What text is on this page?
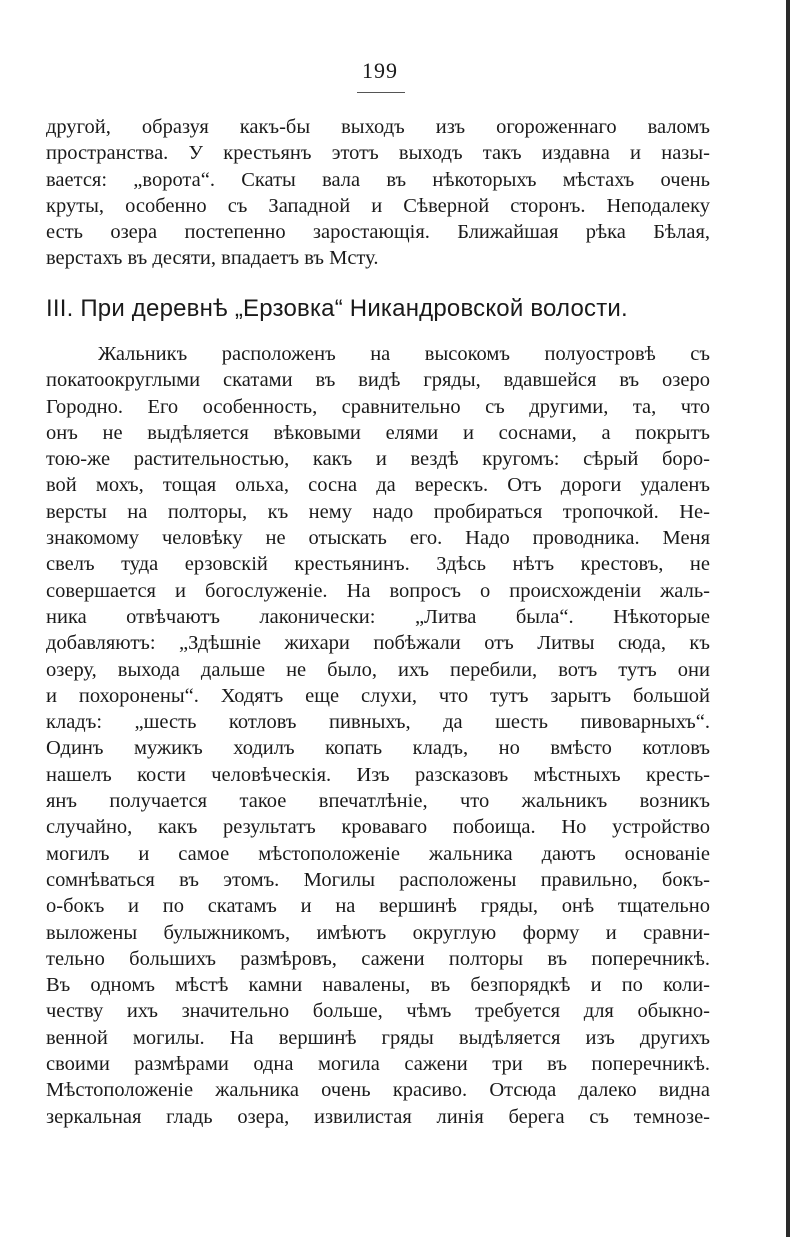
199
другой, образуя какъ-бы выходъ изъ огороженнаго валомъ
пространства. У крестьянъ этотъ выходъ такъ издавна и назы-
вается: „ворота“. Скаты вала въ нѣкоторыхъ мѣстахъ очень
круты, особенно съ Западной и Сѣверной сторонъ. Неподалеку
есть озера постепенно заростающія. Ближайшая рѣка Бѣлая,
верстахъ въ десяти, впадаетъ въ Мсту.
III. При деревнѣ „Ерзовка“ Никандровской волости.
Жальникъ расположенъ на высокомъ полуостровѣ съ
покатоокруглыми скатами въ видѣ гряды, вдавшейся въ озеро
Городно. Его особенность, сравнительно съ другими, та, что
онъ не выдѣляется вѣковыми елями и соснами, а покрытъ
тою-же растительностью, какъ и вездѣ кругомъ: сѣрый боро-
вой мохъ, тощая ольха, сосна да верескъ. Отъ дороги удаленъ
версты на полторы, къ нему надо пробираться тропочкой. Не-
знакомому человѣку не отыскать его. Надо проводника. Меня
свелъ туда ерзовскій крестьянинъ. Здѣсь нѣтъ крестовъ, не
совершается и богослуженіе. На вопросъ о происхожденіи жаль-
ника отвѣчаютъ лаконически: „Литва была“. Нѣкоторые
добавляютъ: „Здѣшніе жихари побѣжали отъ Литвы сюда, къ
озеру, выхода дальше не было, ихъ перебили, вотъ тутъ они
и похоронены“. Ходятъ еще слухи, что тутъ зарытъ большой
кладъ: „шесть котловъ пивныхъ, да шесть пивоварныхъ“.
Одинъ мужикъ ходилъ копать кладъ, но вмѣсто котловъ
нашелъ кости человѣческія. Изъ разсказовъ мѣстныхъ кресть-
янъ получается такое впечатлѣніе, что жальникъ возникъ
случайно, какъ результатъ кроваваго побоища. Но устройство
могилъ и самое мѣстоположеніе жальника даютъ основаніе
сомнѣваться въ этомъ. Могилы расположены правильно, бокъ-
о-бокъ и по скатамъ и на вершинѣ гряды, онѣ тщательно
выложены булыжникомъ, имѣютъ округлую форму и сравни-
тельно большихъ размѣровъ, сажени полторы въ поперечникѣ.
Въ одномъ мѣстѣ камни навалены, въ безпорядкѣ и по коли-
честву ихъ значительно больше, чѣмъ требуется для обыкно-
венной могилы. На вершинѣ гряды выдѣляется изъ другихъ
своими размѣрами одна могила сажени три въ поперечникѣ.
Мѣстоположеніе жальника очень красиво. Отсюда далеко видна
зеркальная гладь озера, извилистая линія берега съ темнозе-
